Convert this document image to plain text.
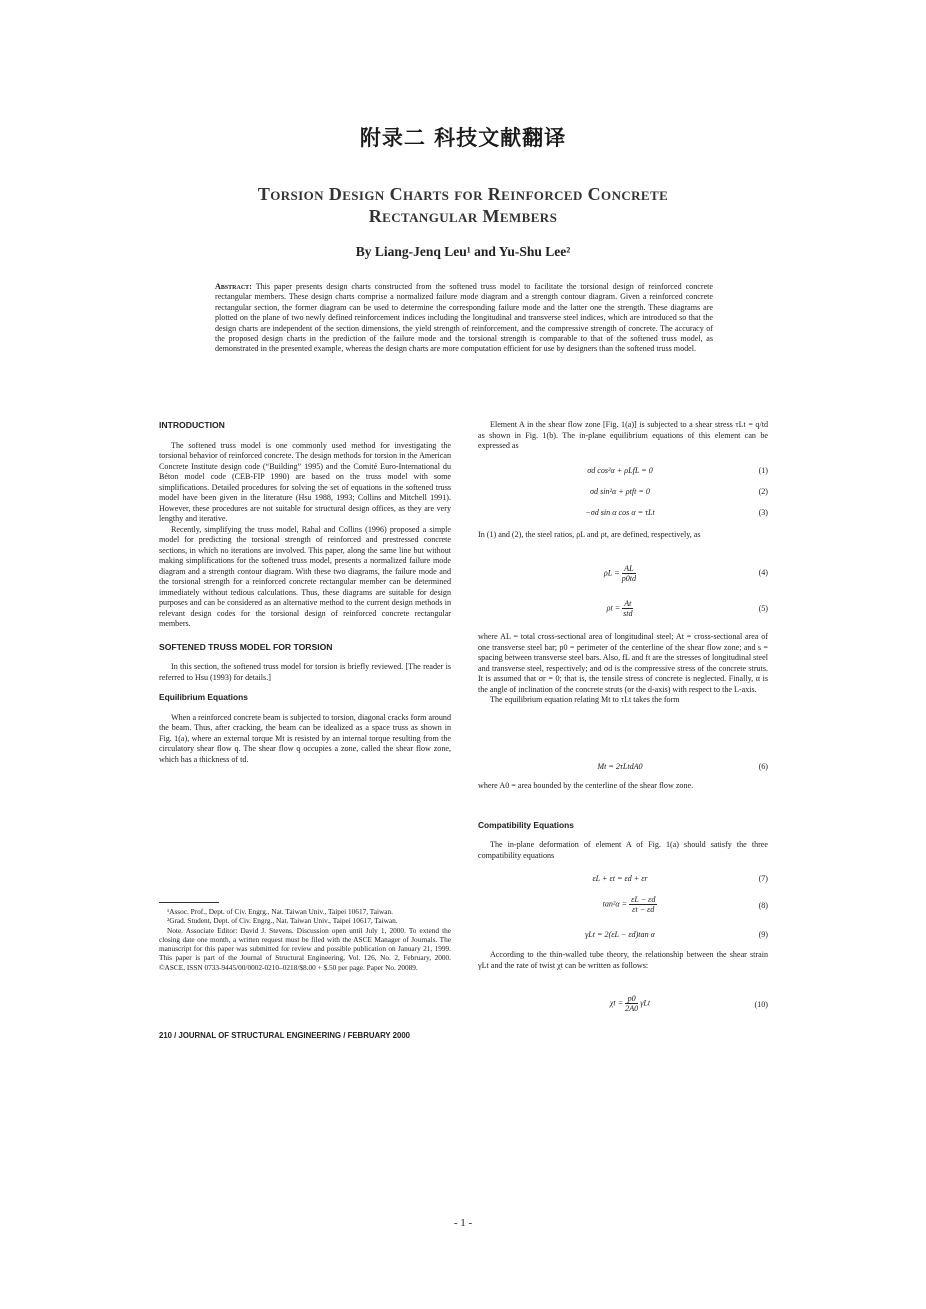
附录二 科技文献翻译
Torsion Design Charts for Reinforced Concrete
Rectangular Members
By Liang-Jenq Leu¹ and Yu-Shu Lee²
Abstract: This paper presents design charts constructed from the softened truss model to facilitate the torsional design of reinforced concrete rectangular members. These design charts comprise a normalized failure mode diagram and a strength contour diagram. Given a reinforced concrete rectangular section, the former diagram can be used to determine the corresponding failure mode and the latter one the strength. These diagrams are plotted on the plane of two newly defined reinforcement indices including the longitudinal and transverse steel indices, which are introduced so that the design charts are independent of the section dimensions, the yield strength of reinforcement, and the compressive strength of concrete. The accuracy of the proposed design charts in the prediction of the failure mode and the torsional strength is comparable to that of the softened truss model, as demonstrated in the presented example, whereas the design charts are more computation efficient for use by designers than the softened truss model.
INTRODUCTION

The softened truss model is one commonly used method for investigating the torsional behavior of reinforced concrete. The design methods for torsion in the American Concrete Institute design code (“Building” 1995) and the Comité Euro-International du Béton model code (CEB-FIP 1990) are based on the truss model with some simplifications. Detailed procedures for solving the set of equations in the softened truss model have been given in the literature (Hsu 1988, 1993; Collins and Mitchell 1991). However, these procedures are not suitable for structural design offices, as they are very lengthy and iterative.

Recently, simplifying the truss model, Rahal and Collins (1996) proposed a simple model for predicting the torsional strength of reinforced and prestressed concrete sections, in which no iterations are involved. This paper, along the same line but without making simplifications for the softened truss model, presents a normalized failure mode diagram and a strength contour diagram. With these two diagrams, the failure mode and the torsional strength for a reinforced concrete rectangular member can be determined immediately without tedious calculations. Thus, these diagrams are suitable for design purposes and can be considered as an alternative method to the current design methods in relevant design codes for the torsional design of reinforced concrete rectangular members.

SOFTENED TRUSS MODEL FOR TORSION

In this section, the softened truss model for torsion is briefly reviewed. [The reader is referred to Hsu (1993) for details.]

Equilibrium Equations

When a reinforced concrete beam is subjected to torsion, diagonal cracks form around the beam. Thus, after cracking, the beam can be idealized as a space truss as shown in Fig. 1(a), where an external torque Mt is resisted by an internal torque resulting from the circulatory shear flow q. The shear flow q occupies a zone, called the shear flow zone, which has a thickness of td.

¹Assoc. Prof., Dept. of Civ. Engrg., Nat. Taiwan Univ., Taipei 10617, Taiwan.

²Grad. Student, Dept. of Civ. Engrg., Nat. Taiwan Univ., Taipei 10617, Taiwan.

Note. Associate Editor: David J. Stevens. Discussion open until July 1, 2000. To extend the closing date one month, a written request must be filed with the ASCE Manager of Journals. The manuscript for this paper was submitted for review and possible publication on January 21, 1999. This paper is part of the Journal of Structural Engineering, Vol. 126, No. 2, February, 2000. ©ASCE, ISSN 0733-9445/00/0002-0210–0218/$8.00 + $.50 per page. Paper No. 20089.

210 / JOURNAL OF STRUCTURAL ENGINEERING / FEBRUARY 2000

Element A in the shear flow zone [Fig. 1(a)] is subjected to a shear stress τLt = q/td as shown in Fig. 1(b). The in-plane equilibrium equations of this element can be expressed as

σd cos²α + ρLfL = 0	(1)
σd sin²α + ρtft = 0	(2)
−σd sin α cos α = τLt	(3)

In (1) and (2), the steel ratios, ρL and ρt, are defined, respectively, as

$\rho L = \frac{AL}{p0td}$	(4)
$\rho t = \frac{At}{\text{std}}$	(5)

where AL = total cross-sectional area of longitudinal steel; At = cross-sectional area of one transverse steel bar; p0 = perimeter of the centerline of the shear flow zone; and s = spacing between transverse steel bars. Also, fL and ft are the stresses of longitudinal steel and transverse steel, respectively; and σd is the compressive stress of the concrete struts. It is assumed that σr = 0; that is, the tensile stress of concrete is neglected. Finally, α is the angle of inclination of the concrete struts (or the d-axis) with respect to the L-axis.

The equilibrium equation relating Mt to τLt takes the form

Mt = 2τLtdA0	(6)

where A0 = area bounded by the centerline of the shear flow zone.

Compatibility Equations

The in-plane deformation of element A of Fig. 1(a) should satisfy the three compatibility equations

εL + εt = εd + εr	(7)
$\tan^2\alpha = \frac{\varepsilon L - \varepsilon d}{\varepsilon t - \varepsilon d}$	(8)
γLt = 2(εL − εd)tan α	(9)

According to the thin-walled tube theory, the relationship between the shear strain γLt and the rate of twist χt can be written as follows:

$\chi t = \frac{p0}{2A0}$ γLt	(10)
- 1 -
